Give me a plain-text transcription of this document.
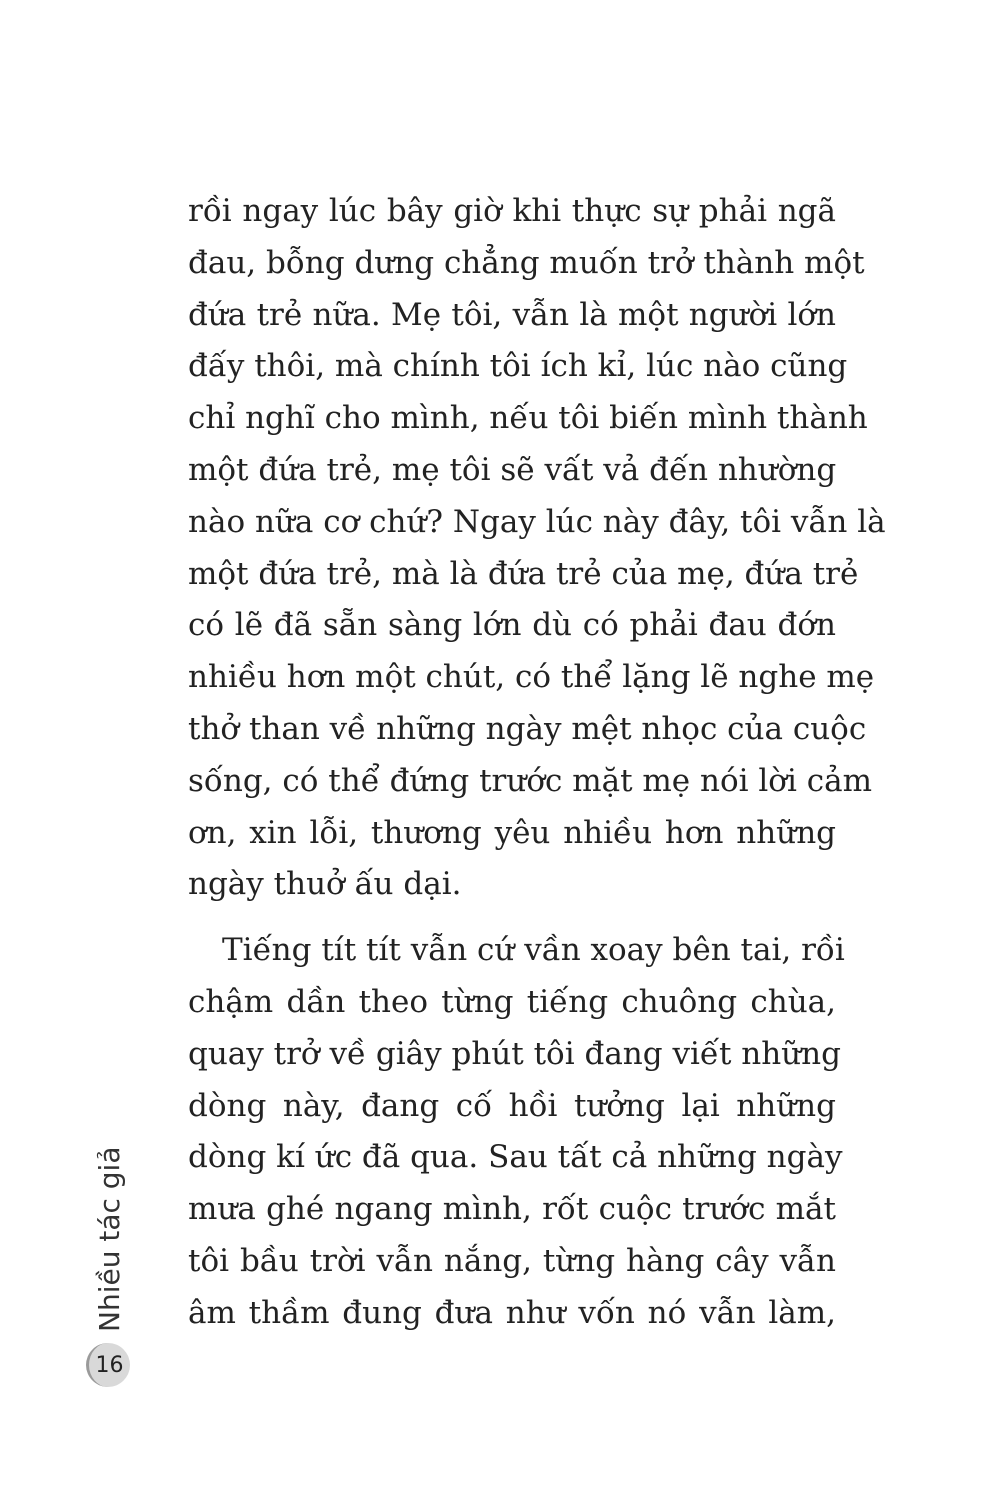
rồi ngay lúc bây giờ khi thực sự phải ngã
đau, bỗng dưng chẳng muốn trở thành một
đứa trẻ nữa. Mẹ tôi, vẫn là một người lớn
đấy thôi, mà chính tôi ích kỉ, lúc nào cũng
chỉ nghĩ cho mình, nếu tôi biến mình thành
một đứa trẻ, mẹ tôi sẽ vất vả đến nhường
nào nữa cơ chứ? Ngay lúc này đây, tôi vẫn là
một đứa trẻ, mà là đứa trẻ của mẹ, đứa trẻ
có lẽ đã sẵn sàng lớn dù có phải đau đớn
nhiều hơn một chút, có thể lặng lẽ nghe mẹ
thở than về những ngày mệt nhọc của cuộc
sống, có thể đứng trước mặt mẹ nói lời cảm
ơn, xin lỗi, thương yêu nhiều hơn những
ngày thuở ấu dại.
Tiếng tít tít vẫn cứ vần xoay bên tai, rồi
chậm dần theo từng tiếng chuông chùa,
quay trở về giây phút tôi đang viết những
dòng này, đang cố hồi tưởng lại những
dòng kí ức đã qua. Sau tất cả những ngày
mưa ghé ngang mình, rốt cuộc trước mắt
tôi bầu trời vẫn nắng, từng hàng cây vẫn
âm thầm đung đưa như vốn nó vẫn làm,
Nhiều tác giả
16
